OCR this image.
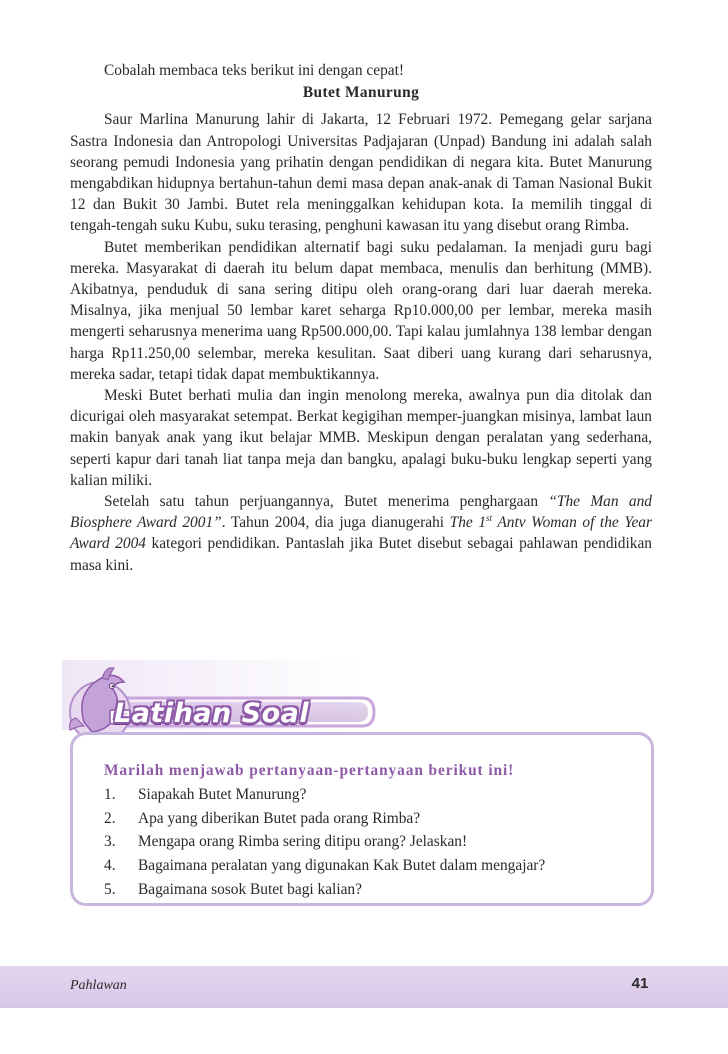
Cobalah membaca teks berikut ini dengan cepat!

Butet Manurung

Saur Marlina Manurung lahir di Jakarta, 12 Februari 1972. Pemegang gelar sarjana Sastra Indonesia dan Antropologi Universitas Padjajaran (Unpad) Bandung ini adalah salah seorang pemudi Indonesia yang prihatin dengan pendidikan di negara kita. Butet Manurung mengabdikan hidupnya bertahun-tahun demi masa depan anak-anak di Taman Nasional Bukit 12 dan Bukit 30 Jambi. Butet rela meninggalkan kehidupan kota. Ia memilih tinggal di tengah-tengah suku Kubu, suku terasing, penghuni kawasan itu yang disebut orang Rimba.

Butet memberikan pendidikan alternatif bagi suku pedalaman. Ia menjadi guru bagi mereka. Masyarakat di daerah itu belum dapat membaca, menulis dan berhitung (MMB). Akibatnya, penduduk di sana sering ditipu oleh orang-orang dari luar daerah mereka. Misalnya, jika menjual 50 lembar karet seharga Rp10.000,00 per lembar, mereka masih mengerti seharusnya menerima uang Rp500.000,00. Tapi kalau jumlahnya 138 lembar dengan harga Rp11.250,00 selembar, mereka kesulitan. Saat diberi uang kurang dari seharusnya, mereka sadar, tetapi tidak dapat membuktikannya.

Meski Butet berhati mulia dan ingin menolong mereka, awalnya pun dia ditolak dan dicurigai oleh masyarakat setempat. Berkat kegigihan memper-juangkan misinya, lambat laun makin banyak anak yang ikut belajar MMB. Meskipun dengan peralatan yang sederhana, seperti kapur dari tanah liat tanpa meja dan bangku, apalagi buku-buku lengkap seperti yang kalian miliki.

Setelah satu tahun perjuangannya, Butet menerima penghargaan “The Man and Biosphere Award 2001”. Tahun 2004, dia juga dianugerahi The 1st Antv Woman of the Year Award 2004 kategori pendidikan. Pantaslah jika Butet disebut sebagai pahlawan pendidikan masa kini.

Latihan Soal

Marilah menjawab pertanyaan-pertanyaan berikut ini!

1.	Siapakah Butet Manurung?
2.	Apa yang diberikan Butet pada orang Rimba?
3.	Mengapa orang Rimba sering ditipu orang? Jelaskan!
4.	Bagaimana peralatan yang digunakan Kak Butet dalam mengajar?
5.	Bagaimana sosok Butet bagi kalian?
Pahlawan	41
